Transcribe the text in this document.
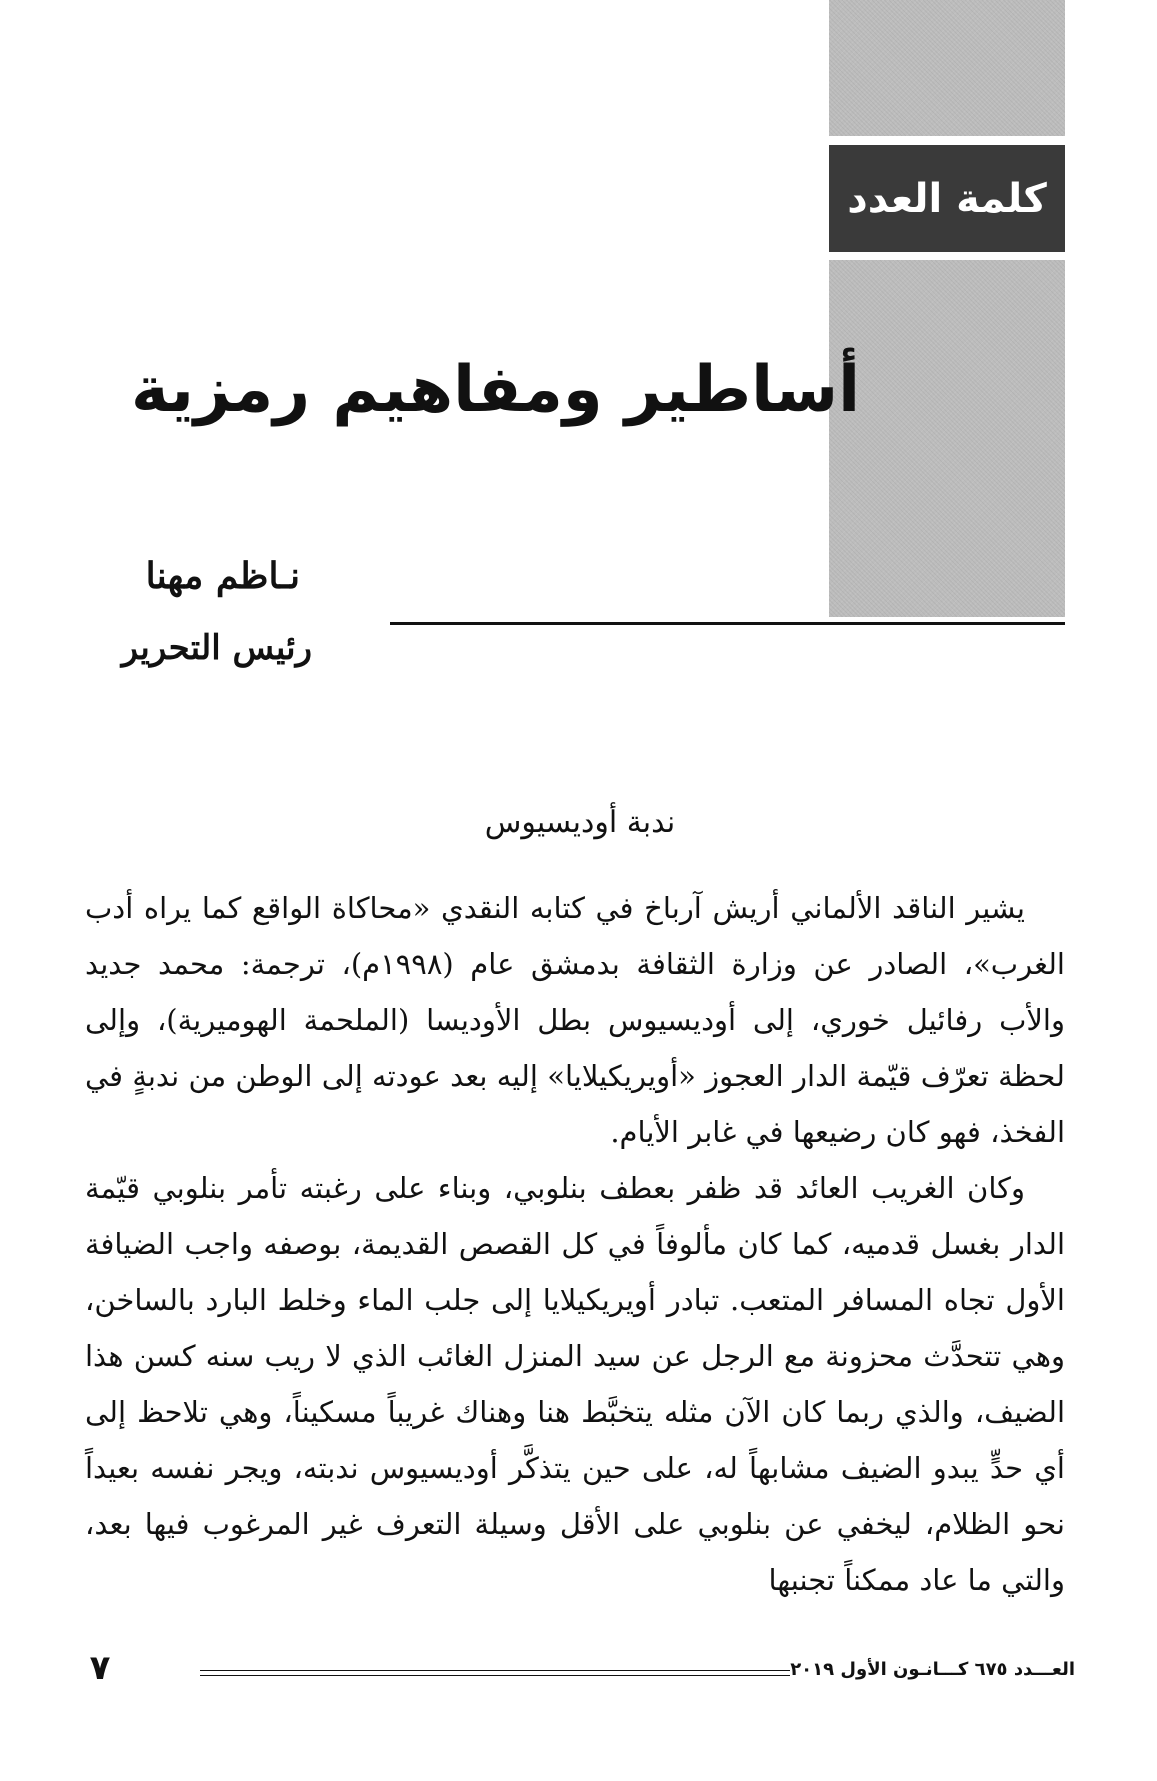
كلمة العدد
أساطير ومفاهيم رمزية
نـاظم مهنا
رئيس التحرير
ندبة أوديسيوس

يشير الناقد الألماني أريش آرباخ في كتابه النقدي «محاكاة الواقع كما يراه أدب الغرب»، الصادر عن وزارة الثقافة بدمشق عام (١٩٩٨م)، ترجمة: محمد جديد والأب رفائيل خوري، إلى أوديسيوس بطل الأوديسا (الملحمة الهوميرية)، وإلى لحظة تعرّف قيّمة الدار العجوز «أويريكيلايا» إليه بعد عودته إلى الوطن من ندبةٍ في الفخذ، فهو كان رضيعها في غابر الأيام.

وكان الغريب العائد قد ظفر بعطف بنلوبي، وبناء على رغبته تأمر بنلوبي قيّمة الدار بغسل قدميه، كما كان مألوفاً في كل القصص القديمة، بوصفه واجب الضيافة الأول تجاه المسافر المتعب. تبادر أويريكيلايا إلى جلب الماء وخلط البارد بالساخن، وهي تتحدَّث محزونة مع الرجل عن سيد المنزل الغائب الذي لا ريب سنه كسن هذا الضيف، والذي ربما كان الآن مثله يتخبَّط هنا وهناك غريباً مسكيناً، وهي تلاحظ إلى أي حدٍّ يبدو الضيف مشابهاً له، على حين يتذكَّر أوديسيوس ندبته، ويجر نفسه بعيداً نحو الظلام، ليخفي عن بنلوبي على الأقل وسيلة التعرف غير المرغوب فيها بعد، والتي ما عاد ممكناً تجنبها

العـــدد ٦٧٥ كـــانـون الأول ٢٠١٩
٧
